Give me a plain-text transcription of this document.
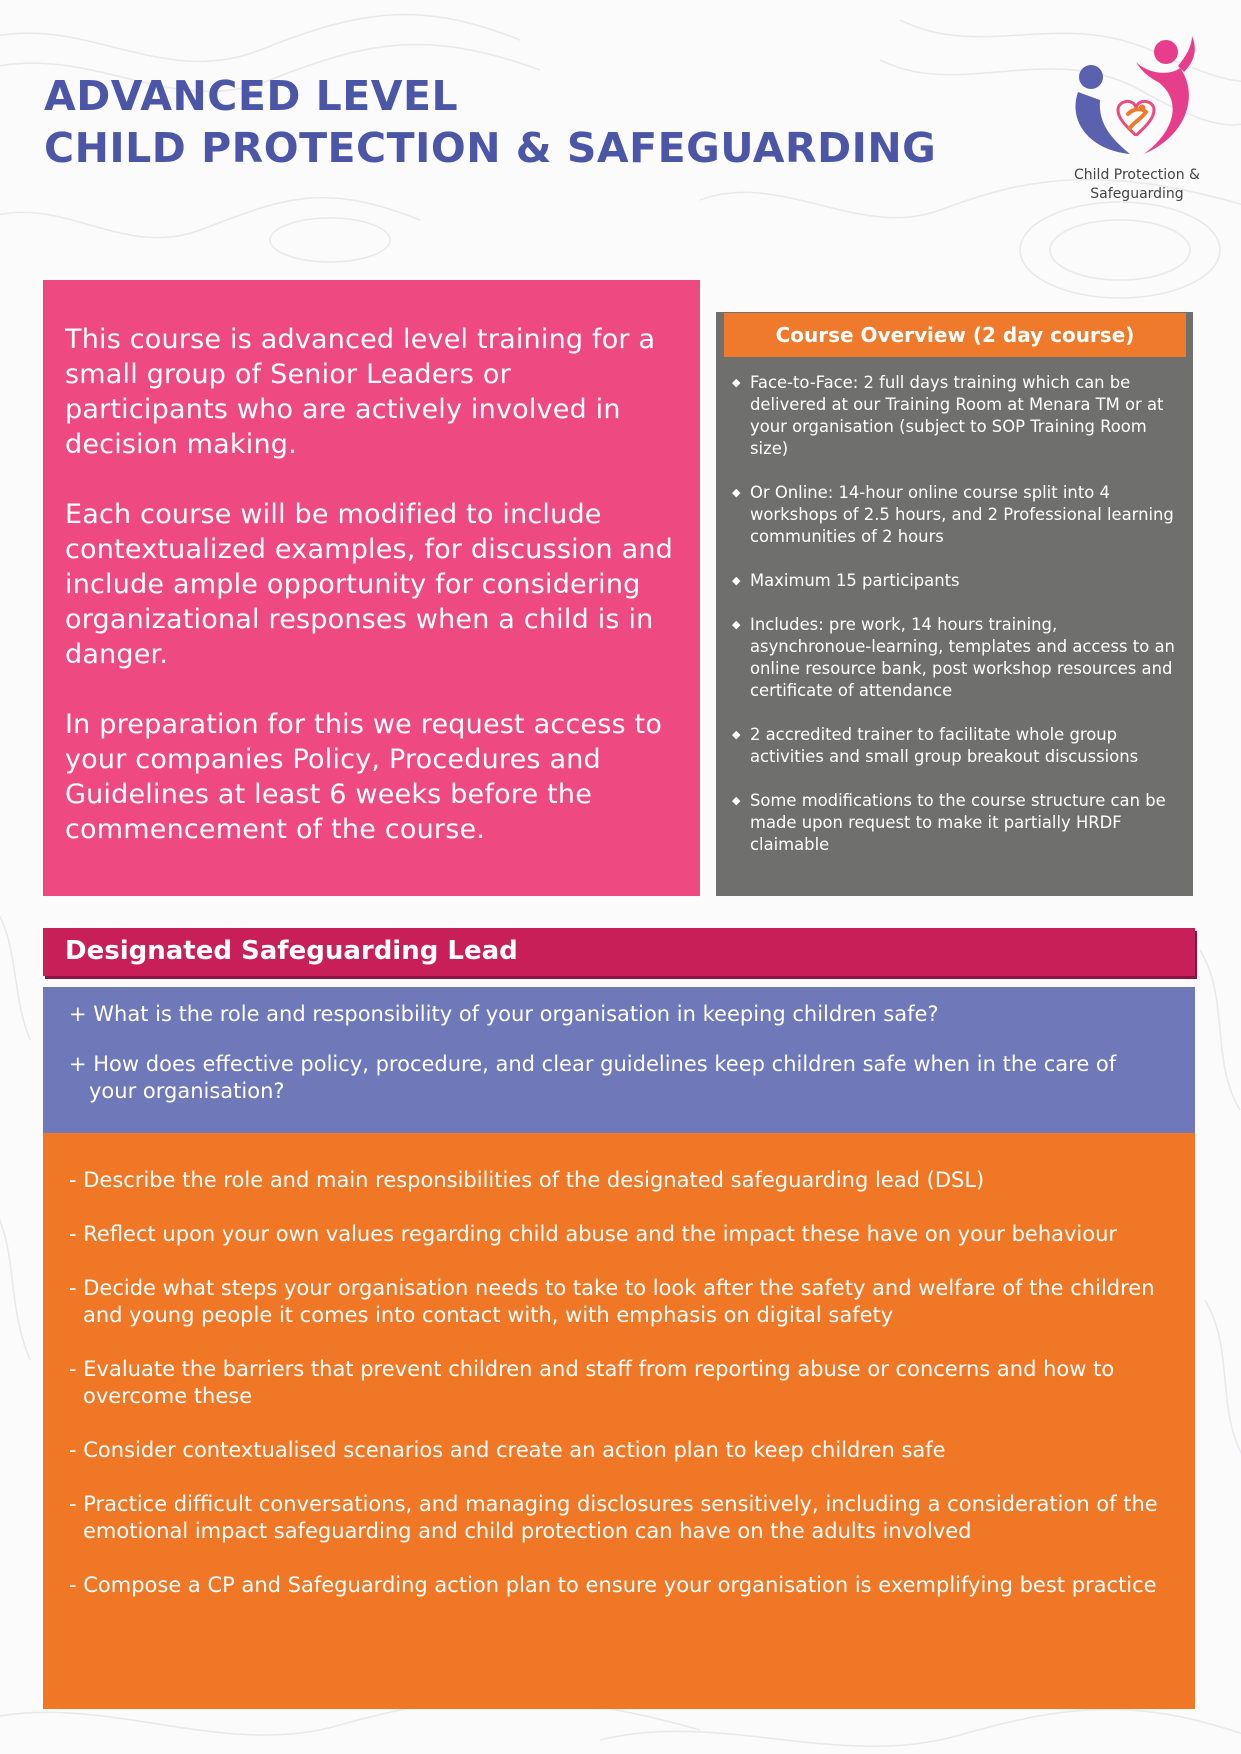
ADVANCED LEVEL
CHILD PROTECTION & SAFEGUARDING
Child Protection &
Safeguarding

This course is advanced level training for a small group of Senior Leaders or participants who are actively involved in decision making.

Each course will be modified to include contextualized examples, for discussion and include ample opportunity for considering organizational responses when a child is in danger.

In preparation for this we request access to your companies Policy, Procedures and Guidelines at least 6 weeks before the commencement of the course.

◆ Face-to-Face: 2 full days training which can be delivered at our Training Room at Menara TM or at your organisation (subject to SOP Training Room size)
◆ Or Online: 14-hour online course split into 4 workshops of 2.5 hours, and 2 Professional learning communities of 2 hours
◆ Maximum 15 participants
◆ Includes: pre work, 14 hours training, asynchronoue-learning, templates and access to an online resource bank, post workshop resources and certificate of attendance
◆ 2 accredited trainer to facilitate whole group activities and small group breakout discussions
◆ Some modifications to the course structure can be made upon request to make it partially HRDF claimable
Course Overview (2 day course)
Designated Safeguarding Lead

+ What is the role and responsibility of your organisation in keeping children safe?

+ How does effective policy, procedure, and clear guidelines keep children safe when in the care of your organisation?

- Describe the role and main responsibilities of the designated safeguarding lead (DSL)

- Reflect upon your own values regarding child abuse and the impact these have on your behaviour

- Decide what steps your organisation needs to take to look after the safety and welfare of the children and young people it comes into contact with, with emphasis on digital safety

- Evaluate the barriers that prevent children and staff from reporting abuse or concerns and how to overcome these

- Consider contextualised scenarios and create an action plan to keep children safe

- Practice difficult conversations, and managing disclosures sensitively, including a consideration of the emotional impact safeguarding and child protection can have on the adults involved

- Compose a CP and Safeguarding action plan to ensure your organisation is exemplifying best practice
